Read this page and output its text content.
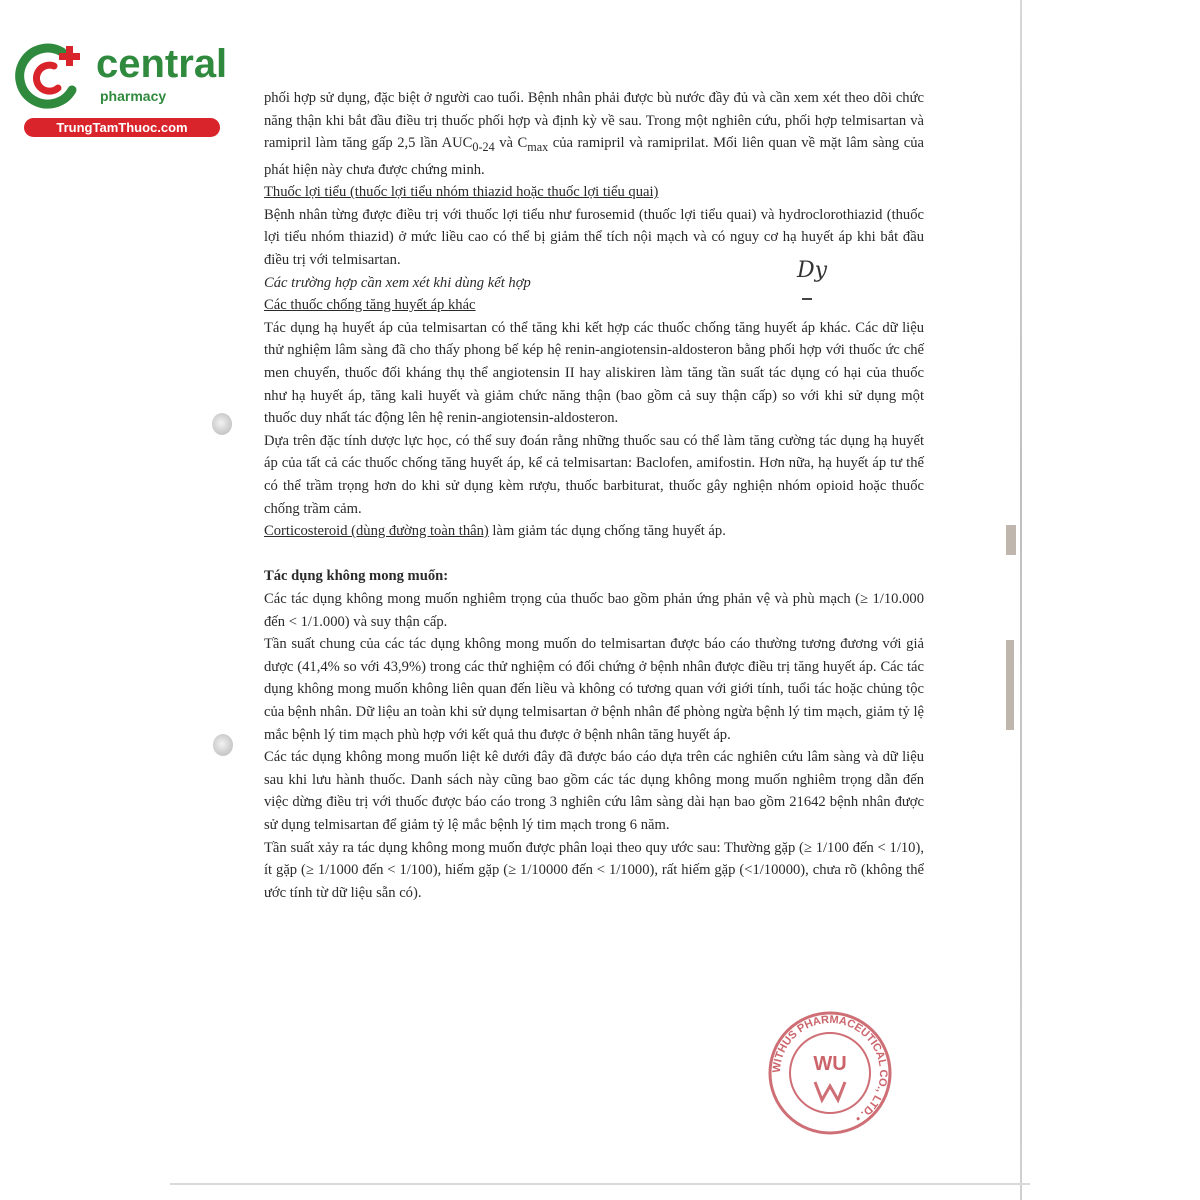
central
pharmacy
TrungTamThuoc.com

phối hợp sử dụng, đặc biệt ở người cao tuổi. Bệnh nhân phải được bù nước đầy đủ và cần xem xét theo dõi chức năng thận khi bắt đầu điều trị thuốc phối hợp và định kỳ về sau. Trong một nghiên cứu, phối hợp telmisartan và ramipril làm tăng gấp 2,5 lần $AUC_{0-24}$ và $C_{max}$ của ramipril và ramiprilat. Mối liên quan về mặt lâm sàng của phát hiện này chưa được chứng minh.

Thuốc lợi tiểu (thuốc lợi tiểu nhóm thiazid hoặc thuốc lợi tiểu quai)

Bệnh nhân từng được điều trị với thuốc lợi tiểu như furosemid (thuốc lợi tiểu quai) và hydroclorothiazid (thuốc lợi tiểu nhóm thiazid) ở mức liều cao có thể bị giảm thể tích nội mạch và có nguy cơ hạ huyết áp khi bắt đầu điều trị với telmisartan.

Các trường hợp cần xem xét khi dùng kết hợp

Các thuốc chống tăng huyết áp khác

Tác dụng hạ huyết áp của telmisartan có thể tăng khi kết hợp các thuốc chống tăng huyết áp khác. Các dữ liệu thử nghiệm lâm sàng đã cho thấy phong bế kép hệ renin-angiotensin-aldosteron bằng phối hợp với thuốc ức chế men chuyển, thuốc đối kháng thụ thể angiotensin II hay aliskiren làm tăng tần suất tác dụng có hại của thuốc như hạ huyết áp, tăng kali huyết và giảm chức năng thận (bao gồm cả suy thận cấp) so với khi sử dụng một thuốc duy nhất tác động lên hệ renin-angiotensin-aldosteron.

Dựa trên đặc tính dược lực học, có thể suy đoán rằng những thuốc sau có thể làm tăng cường tác dụng hạ huyết áp của tất cả các thuốc chống tăng huyết áp, kể cả telmisartan: Baclofen, amifostin. Hơn nữa, hạ huyết áp tư thế có thể trầm trọng hơn do khi sử dụng kèm rượu, thuốc barbiturat, thuốc gây nghiện nhóm opioid hoặc thuốc chống trầm cảm.

Corticosteroid (dùng đường toàn thân) làm giảm tác dụng chống tăng huyết áp.

Tác dụng không mong muốn:

Các tác dụng không mong muốn nghiêm trọng của thuốc bao gồm phản ứng phản vệ và phù mạch (≥ 1/10.000 đến < 1/1.000) và suy thận cấp.

Tần suất chung của các tác dụng không mong muốn do telmisartan được báo cáo thường tương đương với giả dược (41,4% so với 43,9%) trong các thử nghiệm có đối chứng ở bệnh nhân được điều trị tăng huyết áp. Các tác dụng không mong muốn không liên quan đến liều và không có tương quan với giới tính, tuổi tác hoặc chủng tộc của bệnh nhân. Dữ liệu an toàn khi sử dụng telmisartan ở bệnh nhân để phòng ngừa bệnh lý tim mạch, giảm tỷ lệ mắc bệnh lý tim mạch phù hợp với kết quả thu được ở bệnh nhân tăng huyết áp.

Các tác dụng không mong muốn liệt kê dưới đây đã được báo cáo dựa trên các nghiên cứu lâm sàng và dữ liệu sau khi lưu hành thuốc. Danh sách này cũng bao gồm các tác dụng không mong muốn nghiêm trọng dẫn đến việc dừng điều trị với thuốc được báo cáo trong 3 nghiên cứu lâm sàng dài hạn bao gồm 21642 bệnh nhân được sử dụng telmisartan để giảm tỷ lệ mắc bệnh lý tim mạch trong 6 năm.

Tần suất xảy ra tác dụng không mong muốn được phân loại theo quy ước sau: Thường gặp (≥ 1/100 đến < 1/10), ít gặp (≥ 1/1000 đến < 1/100), hiếm gặp (≥ 1/10000 đến < 1/1000), rất hiếm gặp (<1/10000), chưa rõ (không thể ước tính từ dữ liệu sẵn có).

Dy
WITHUS PHARMACEUTICAL CO., LTD. •
WU
